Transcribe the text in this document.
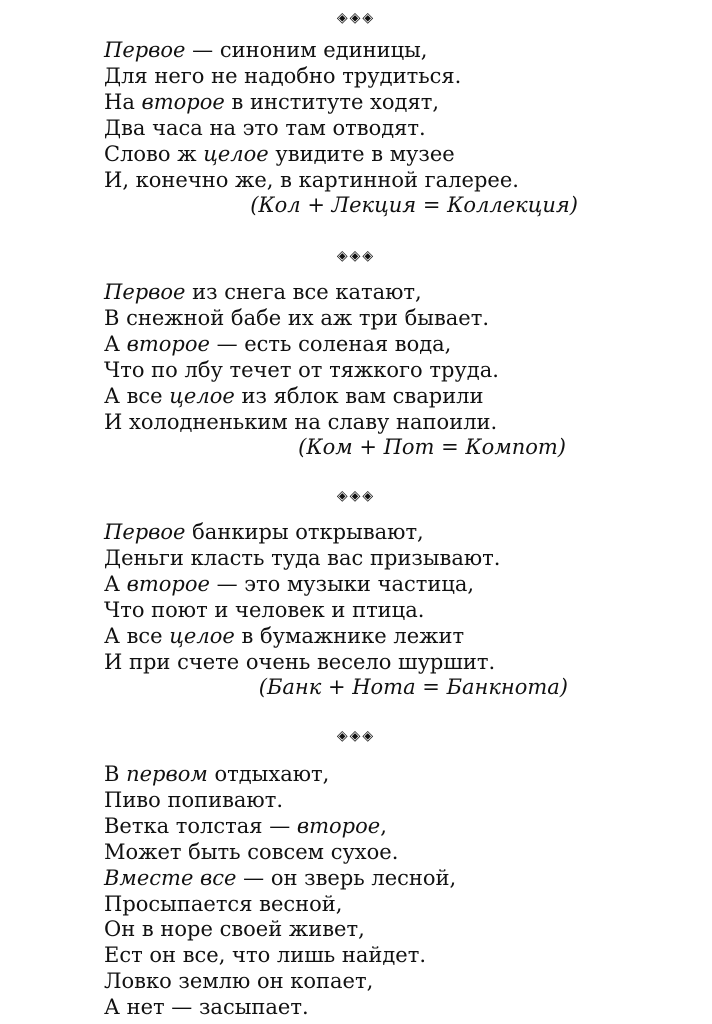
◈◈◈
Первое — синоним единицы,
Для него не надобно трудиться.
На второе в институте ходят,
Два часа на это там отводят.
Слово ж целое увидите в музее
И, конечно же, в картинной галерее.
(Кол + Лекция = Коллекция)
◈◈◈
Первое из снега все катают,
В снежной бабе их аж три бывает.
А второе — есть соленая вода,
Что по лбу течет от тяжкого труда.
А все целое из яблок вам сварили
И холодненьким на славу напоили.
(Ком + Пот = Компот)
◈◈◈
Первое банкиры открывают,
Деньги класть туда вас призывают.
А второе — это музыки частица,
Что поют и человек и птица.
А все целое в бумажнике лежит
И при счете очень весело шуршит.
(Банк + Нота = Банкнота)
◈◈◈
В первом отдыхают,
Пиво попивают.
Ветка толстая — второе,
Может быть совсем сухое.
Вместе все — он зверь лесной,
Просыпается весной,
Он в норе своей живет,
Ест он все, что лишь найдет.
Ловко землю он копает,
А нет — засыпает.
